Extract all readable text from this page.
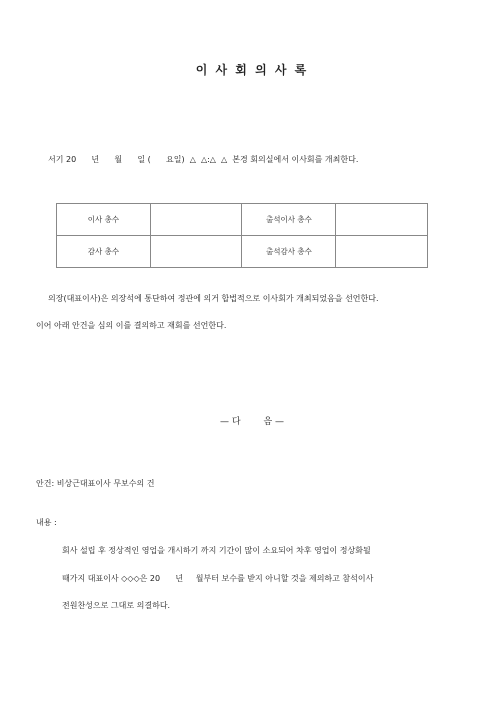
이 사 회 의 사 록
서기 20      년      월      일 (      요일)  △  △:△  △  본경 회의실에서 이사회를 개최한다.
이사 총수		출석이사 총수	
감사 총수		출석감사 총수	
의장(대표이사)은 의장석에 통단하여 정관에 의거 합법적으로 이사회가 개최되었음을 선언한다.
이어 아래 안건을 심의 이를 결의하고 재회를 선언한다.
— 다        음 —
안건: 비상근대표이사 무보수의 건
내용 :
회사 설립 후 정상적인 영업을 개시하기 까지 기간이 많이 소요되어 차후 영업이 정상화될
때가지 대표이사 ◇◇◇은 20      년     월부터 보수를 받지 아니할 것을 제의하고 참석이사
전원찬성으로 그대로 의결하다.
